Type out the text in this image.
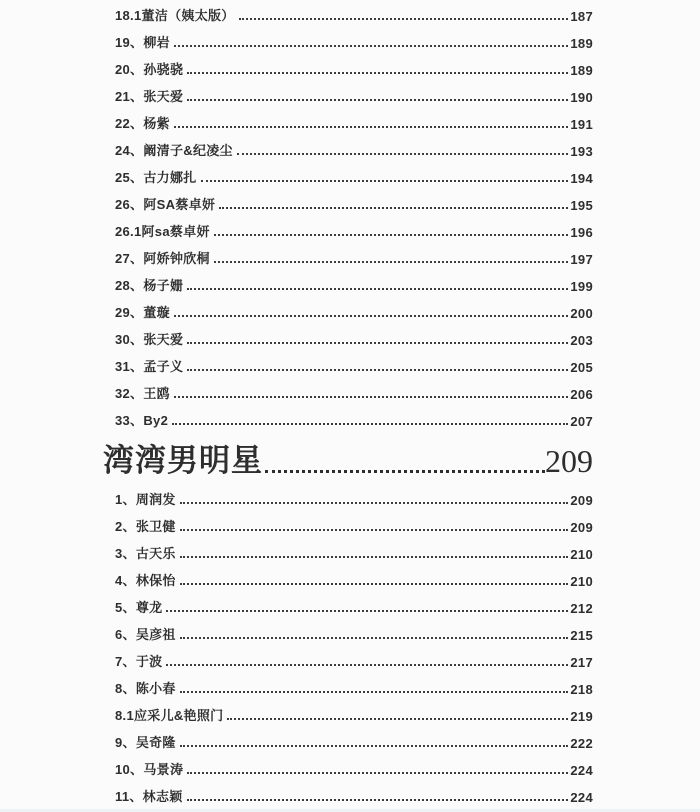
18.1董洁（姨太版）	187
19、柳岩	189
20、孙骁骁	189
21、张天爱	190
22、杨紫	191
24、阚清子&纪凌尘	193
25、古力娜扎	194
26、阿SA蔡卓妍	195
26.1阿sa蔡卓妍	196
27、阿娇钟欣桐	197
28、杨子姗	199
29、董璇	200
30、张天爱	203
31、孟子义	205
32、王鸥	206
33、By2	207
湾湾男明星	209
1、周润发	209
2、张卫健	209
3、古天乐	210
4、林保怡	210
5、尊龙	212
6、吴彦祖	215
7、于波	217
8、陈小春	218
8.1应采儿&艳照门	219
9、吴奇隆	222
10、马景涛	224
11、林志颖	224
